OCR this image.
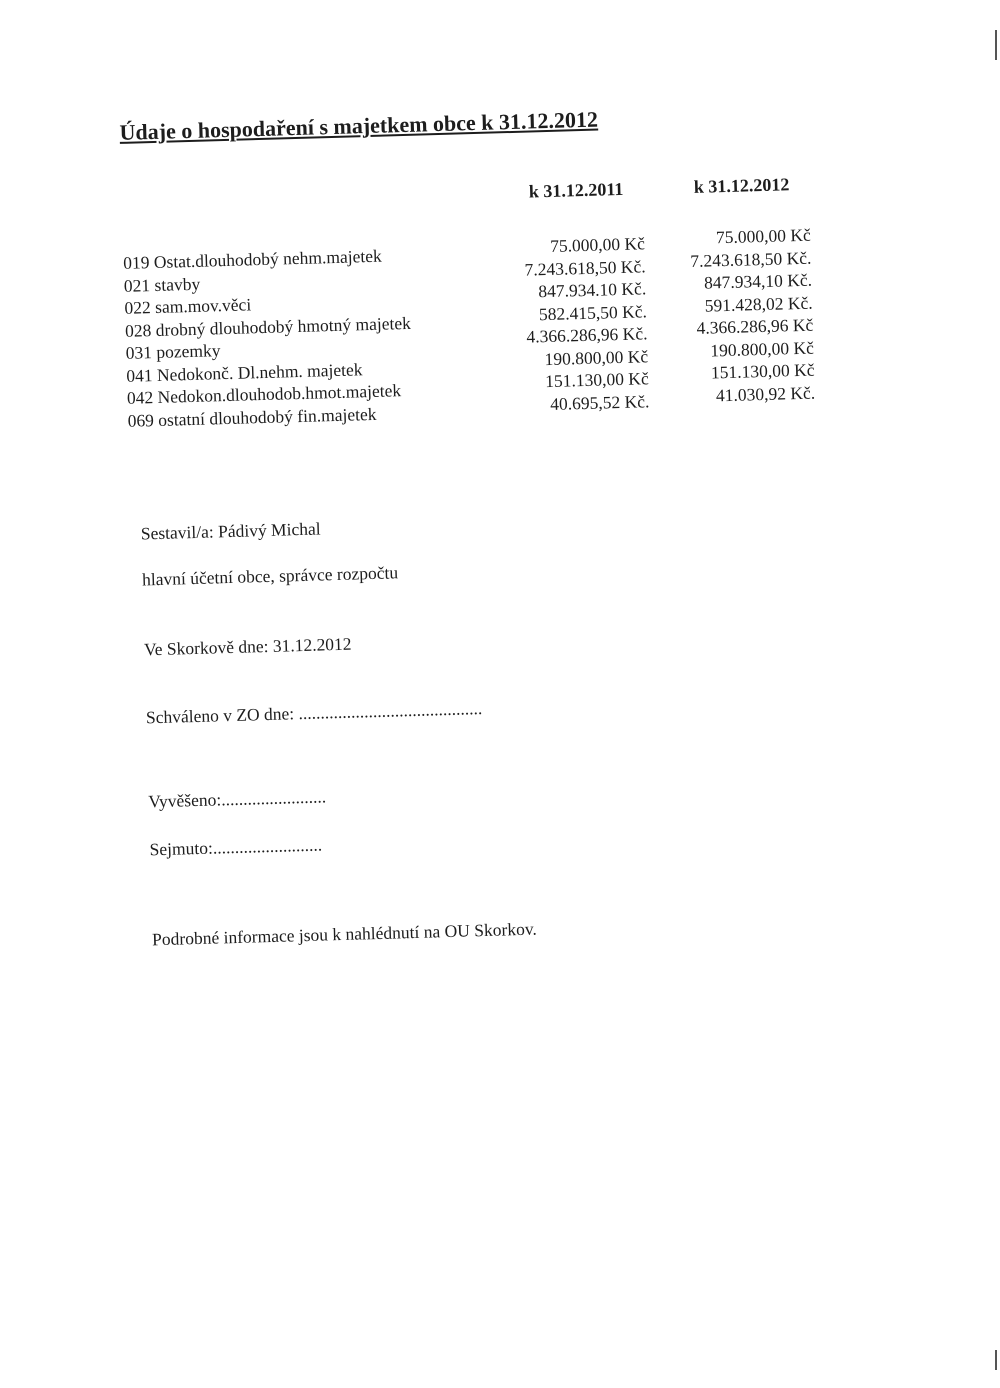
Údaje o hospodaření s majetkem obce k 31.12.2012
k 31.12.2011	k 31.12.2012
019 Ostat.dlouhodobý nehm.majetek
75.000,00 Kč	75.000,00 Kč
021 stavby
7.243.618,50 Kč.	7.243.618,50 Kč.
022 sam.mov.věci
847.934.10 Kč.	847.934,10 Kč.
028 drobný dlouhodobý hmotný majetek
582.415,50 Kč.	591.428,02 Kč.
031 pozemky
4.366.286,96 Kč.	4.366.286,96 Kč
041 Nedokonč. Dl.nehm. majetek
190.800,00 Kč	190.800,00 Kč
042 Nedokon.dlouhodob.hmot.majetek
151.130,00 Kč	151.130,00 Kč
069 ostatní dlouhodobý fin.majetek
40.695,52 Kč.	41.030,92 Kč.
Sestavil/a: Pádivý Michal
hlavní účetní obce, správce rozpočtu
Ve Skorkově dne: 31.12.2012
Schváleno v ZO dne: ..........................................
Vyvěšeno:........................
Sejmuto:.........................
Podrobné informace jsou k nahlédnutí na OU Skorkov.
